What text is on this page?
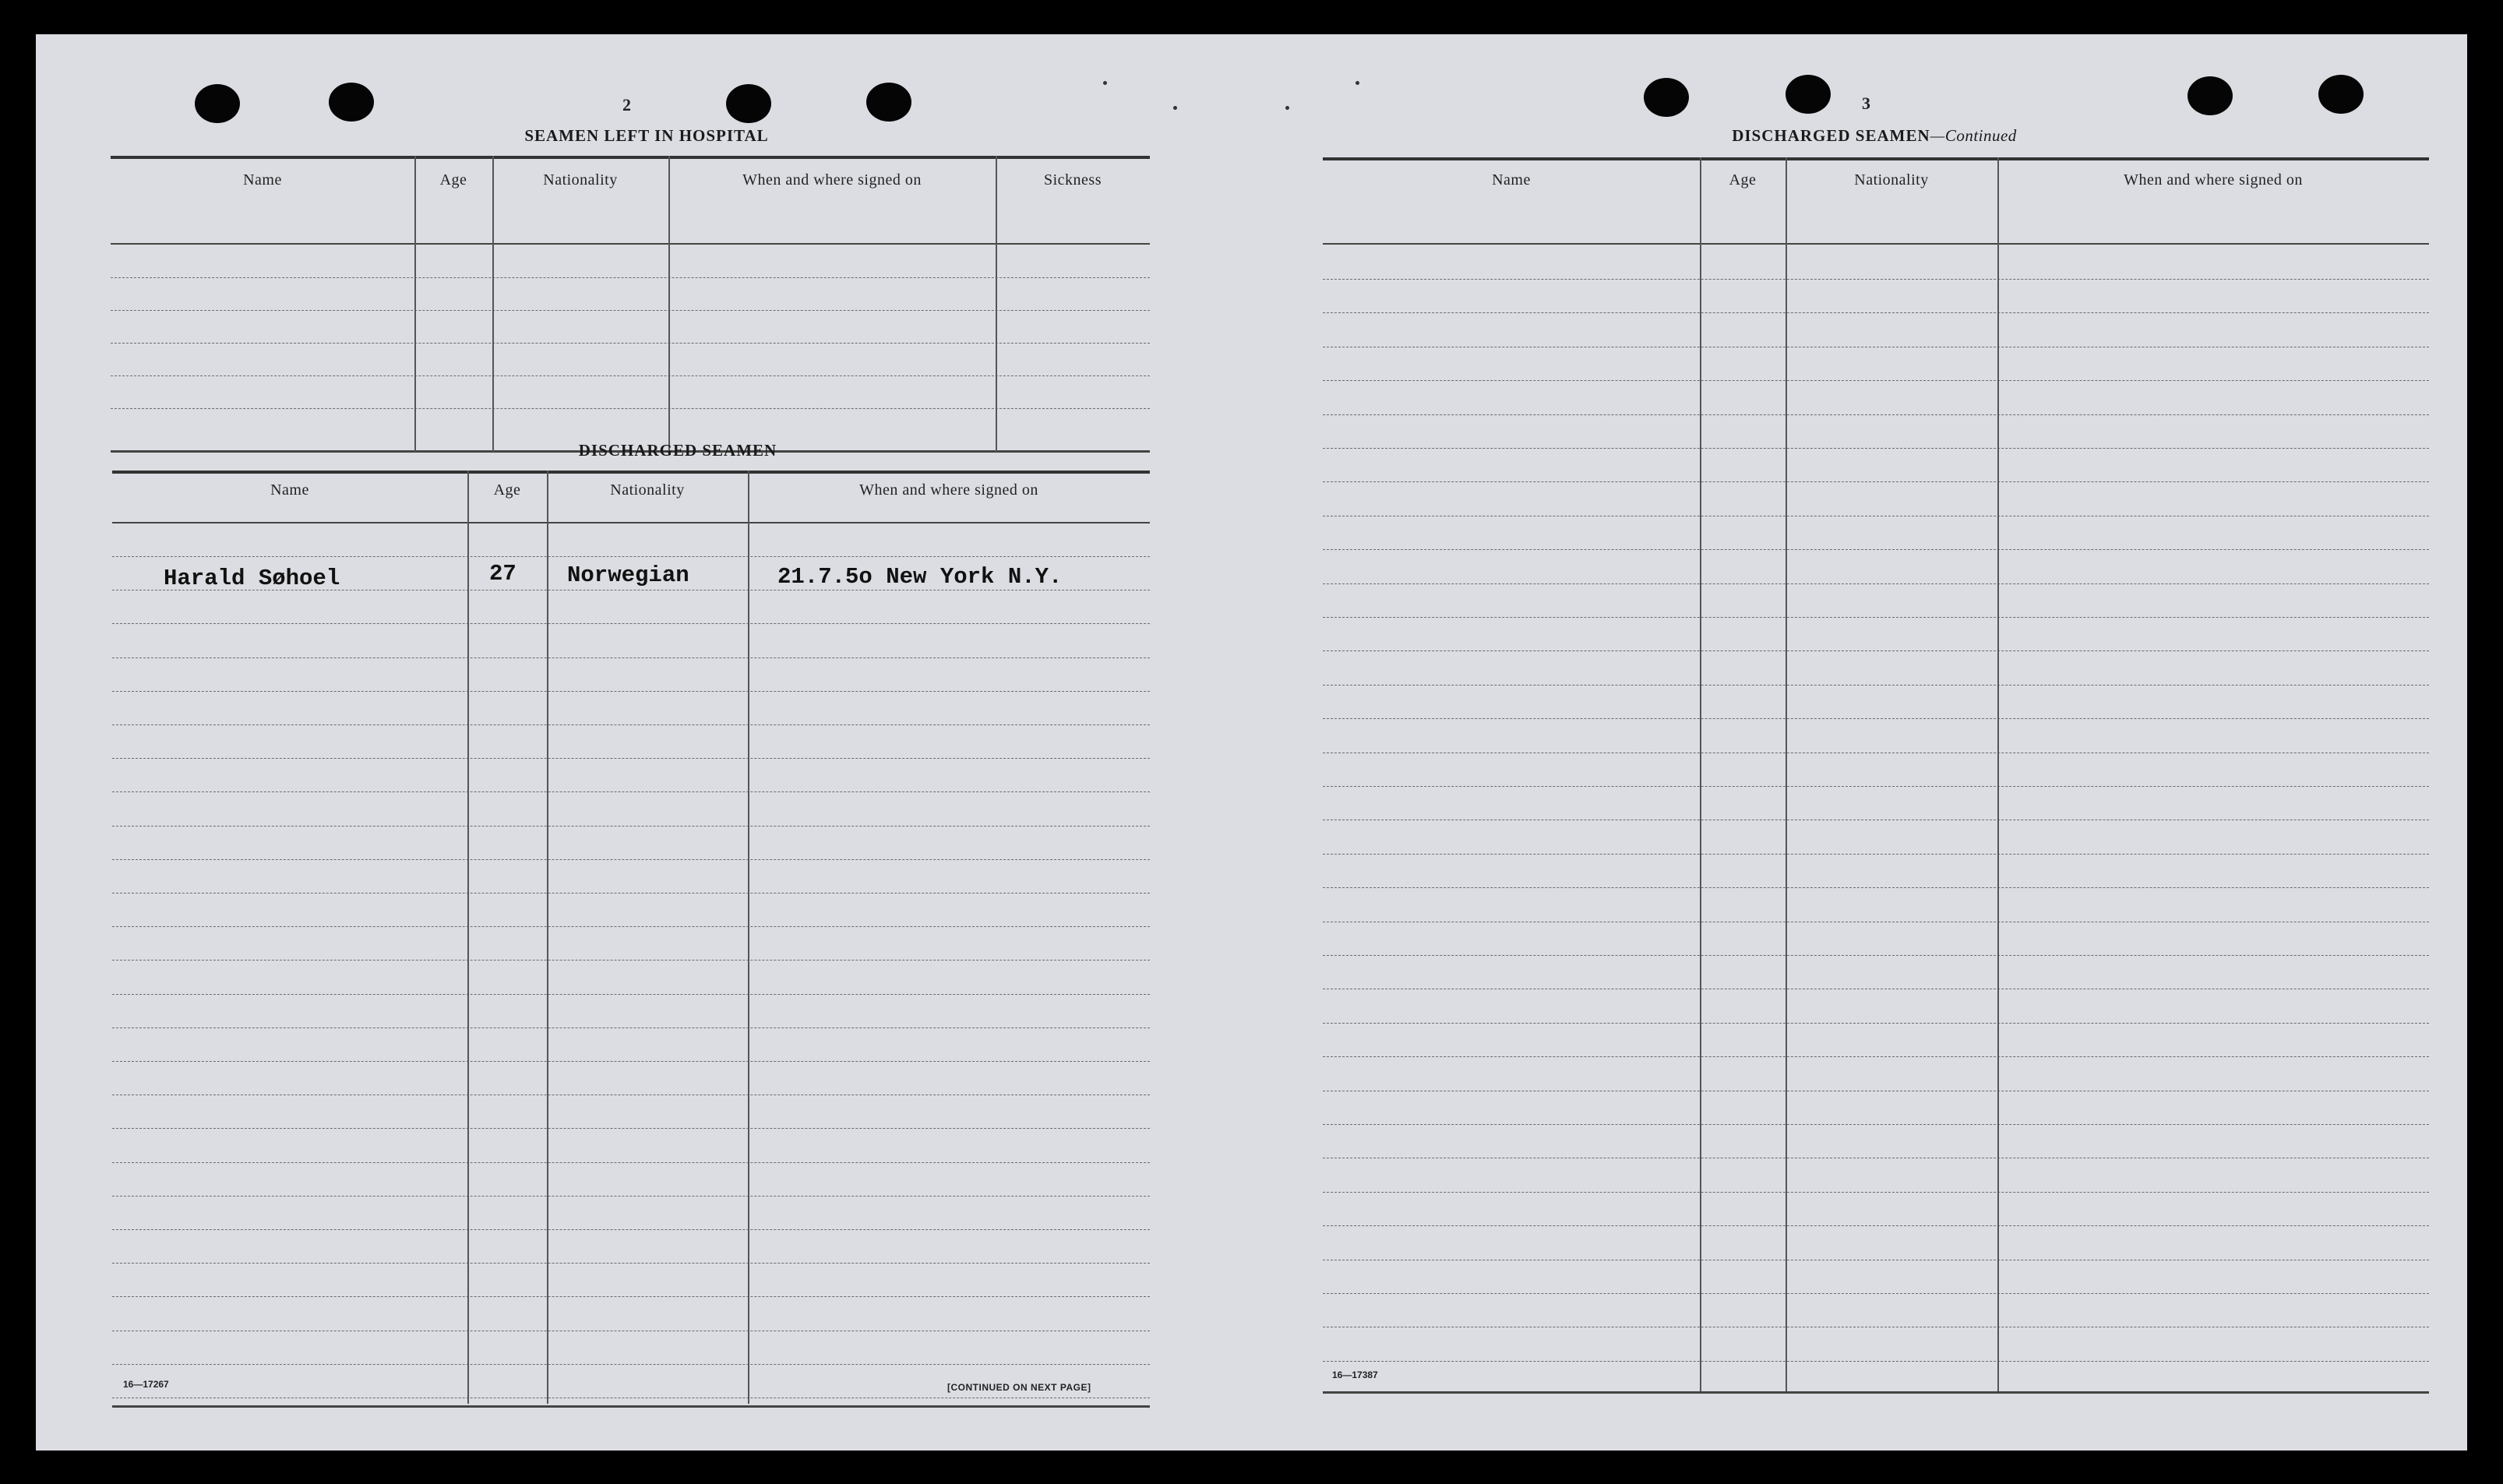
2
SEAMEN LEFT IN HOSPITAL
Name	Age	Nationality	When and where signed on	Sickness
DISCHARGED SEAMEN
Name	Age	Nationality	When and where signed on
Harald Søhoel	27 Norwegian	21.7.5o New York N.Y.
16—17267	[CONTINUED ON NEXT PAGE]
3
DISCHARGED SEAMEN—Continued
Name	Age	Nationality	When and where signed on
16—17387
